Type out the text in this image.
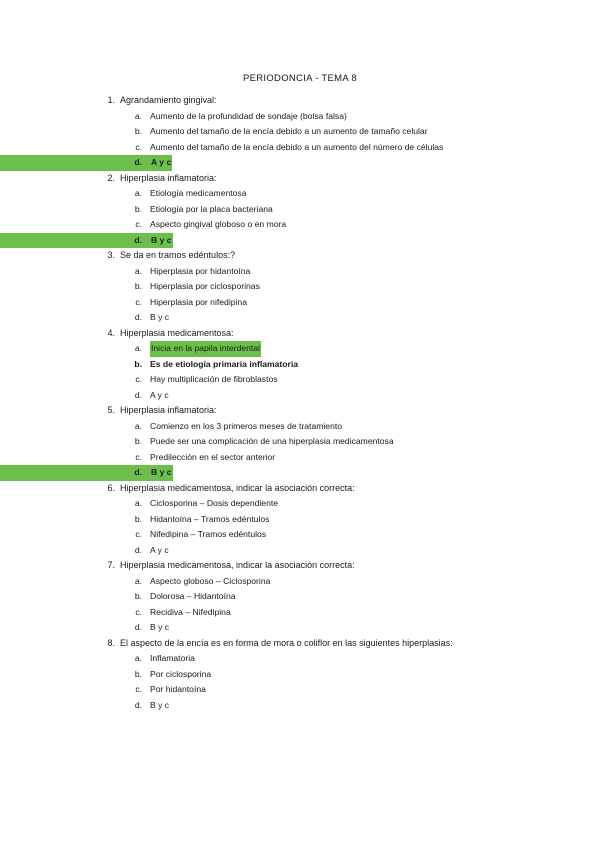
PERIODONCIA - TEMA 8
1. Agrandamiento gingival:
a. Aumento de la profundidad de sondaje (bolsa falsa)
b. Aumento del tamaño de la encía debido a un aumento de tamaño celular
c. Aumento del tamaño de la encía debido a un aumento del número de células
d.	A y c
2. Hiperplasia inflamatoria:
a. Etiología medicamentosa
b. Etiología por la placa bacteriana
c. Aspecto gingival globoso o en mora
d.	B y c
3. Se da en tramos edéntulos:?
a. Hiperplasia por hidantoína
b. Hiperplasia por ciclosporinas
c. Hiperplasia por nifedipina
d. B y c
4. Hiperplasia medicamentosa:
a.	Inicia en la papila interdental
b. Es de etiología primaria inflamatoria
c. Hay multiplicación de fibroblastos
d. A y c
5. Hiperplasia inflamatoria:
a. Comienzo en los 3 primeros meses de tratamiento
b. Puede ser una complicación de una hiperplasia medicamentosa
c. Predilección en el sector anterior
d.	B y c
6. Hiperplasia medicamentosa, indicar la asociación correcta:
a. Ciclosporina – Dosis dependiente
b. Hidantoína – Tramos edéntulos
c. Nifedipina – Tramos edéntulos
d. A y c
7. Hiperplasia medicamentosa, indicar la asociación correcta:
a. Aspecto globoso – Ciclosporina
b. Dolorosa – Hidantoína
c. Recidiva – Nifedipina
d. B y c
8. El aspecto de la encía es en forma de mora o coliflor en las siguientes hiperplasias:
a. Inflamatoria
b. Por ciclosporina
c. Por hidantoína
d. B y c
